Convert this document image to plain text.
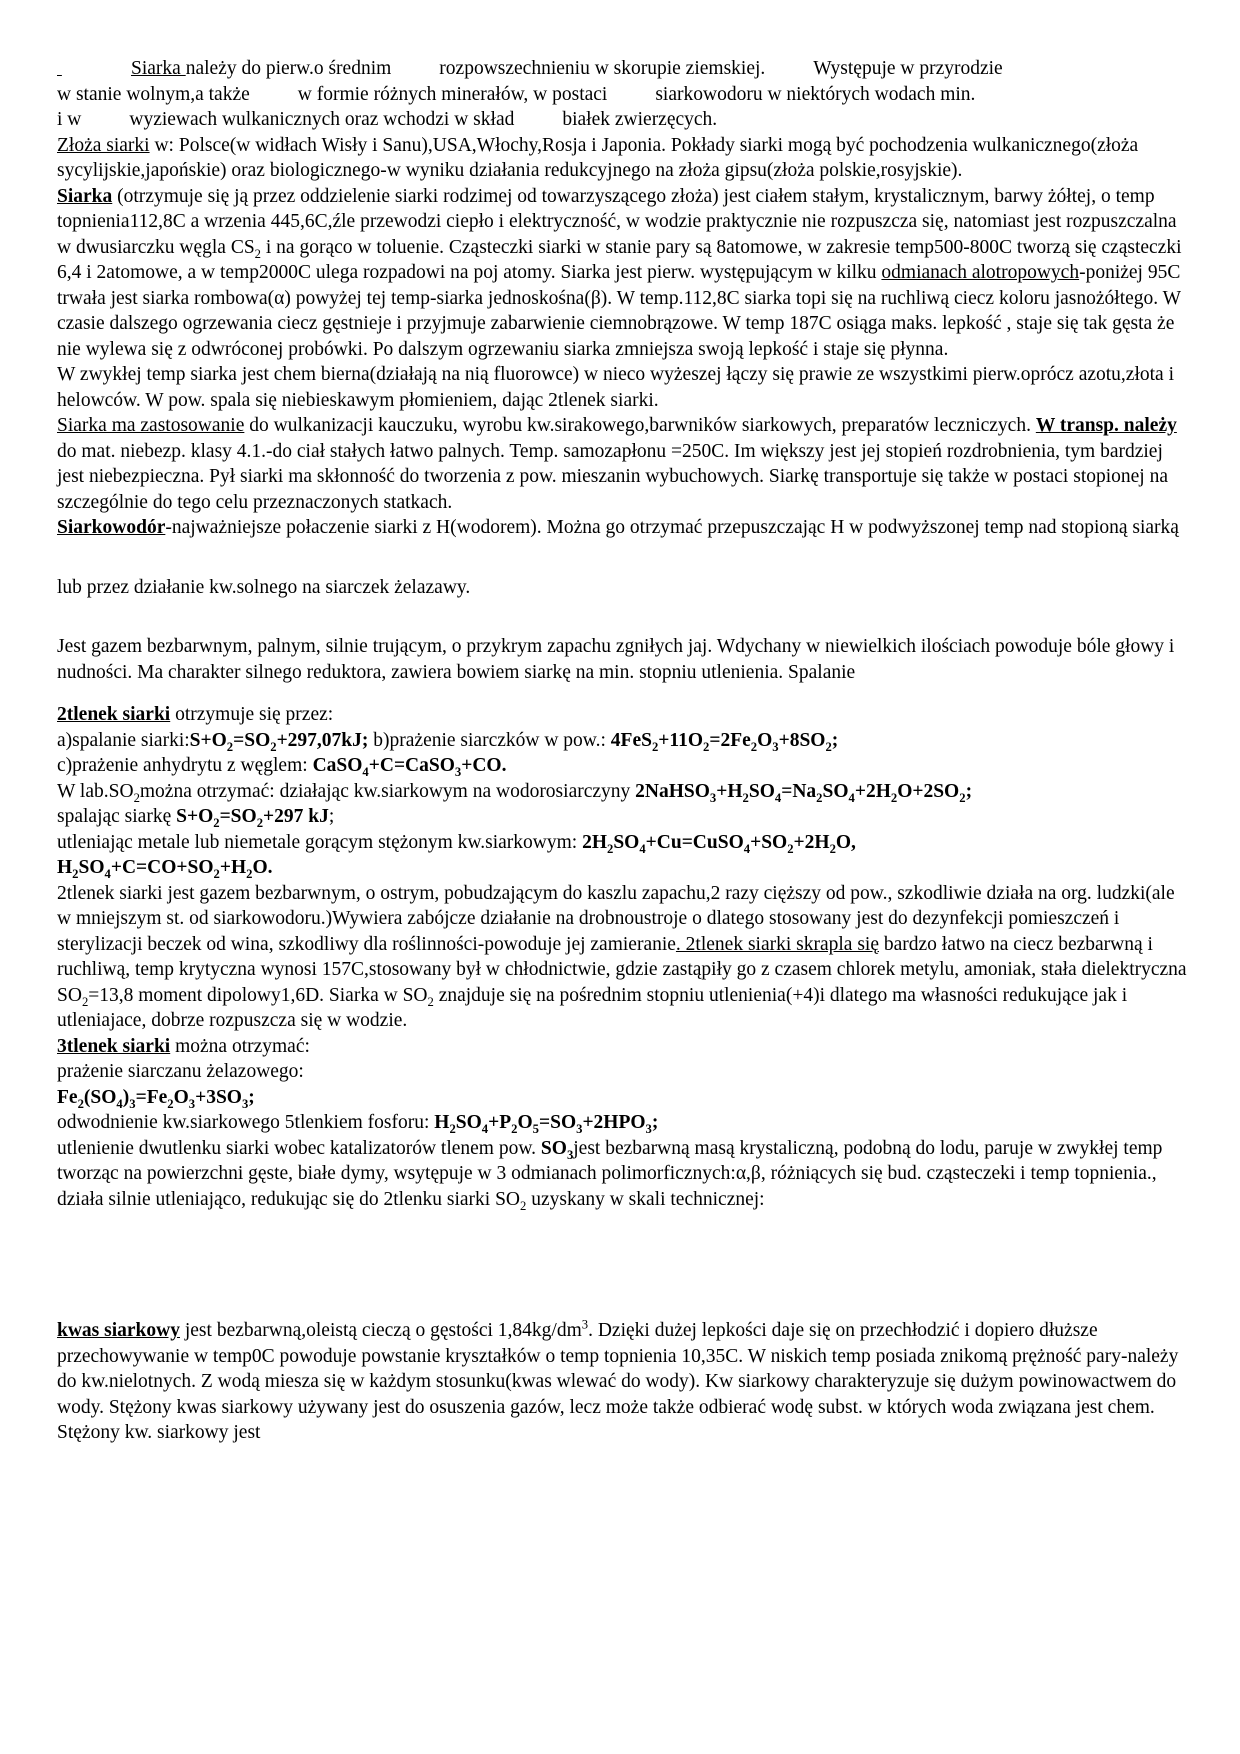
Siarka należy do pierw.o średnim rozpowszechnieniu w skorupie ziemskiej. Występuje w przyrodzie
w stanie wolnym,a także w formie różnych minerałów, w postaci siarkowodoru w niektórych wodach min.
i w wyziewach wulkanicznych oraz wchodzi w skład białek zwierzęcych.

Złoża siarki w: Polsce(w widłach Wisły i Sanu),USA,Włochy,Rosja i Japonia. Pokłady siarki mogą być pochodzenia wulkanicznego(złoża sycylijskie,japońskie) oraz biologicznego-w wyniku działania redukcyjnego na złoża gipsu(złoża polskie,rosyjskie).

Siarka (otrzymuje się ją przez oddzielenie siarki rodzimej od towarzyszącego złoża) jest ciałem stałym, krystalicznym, barwy żółtej, o temp topnienia112,8C a wrzenia 445,6C,źle przewodzi ciepło i elektryczność, w wodzie praktycznie nie rozpuszcza się, natomiast jest rozpuszczalna w dwusiarczku węgla $CS_2$ i na gorąco w toluenie. Cząsteczki siarki w stanie pary są 8atomowe, w zakresie temp500-800C tworzą się cząsteczki 6,4 i 2atomowe, a w temp2000C ulega rozpadowi na poj atomy. Siarka jest pierw. występującym w kilku odmianach alotropowych-poniżej 95C trwała jest siarka rombowa(α) powyżej tej temp-siarka jednoskośna(β). W temp.112,8C siarka topi się na ruchliwą ciecz koloru jasnożółtego. W czasie dalszego ogrzewania ciecz gęstnieje i przyjmuje zabarwienie ciemnobrązowe. W temp 187C osiąga maks. lepkość , staje się tak gęsta że nie wylewa się z odwróconej probówki. Po dalszym ogrzewaniu siarka zmniejsza swoją lepkość i staje się płynna.

W zwykłej temp siarka jest chem bierna(działają na nią fluorowce) w nieco wyżeszej łączy się prawie ze wszystkimi pierw.oprócz azotu,złota i helowców. W pow. spala się niebieskawym płomieniem, dając 2tlenek siarki.

Siarka ma zastosowanie do wulkanizacji kauczuku, wyrobu kw.sirakowego,barwników siarkowych, preparatów leczniczych. W transp. należy do mat. niebezp. klasy 4.1.-do ciał stałych łatwo palnych. Temp. samozapłonu =250C. Im większy jest jej stopień rozdrobnienia, tym bardziej jest niebezpieczna. Pył siarki ma skłonność do tworzenia z pow. mieszanin wybuchowych. Siarkę transportuje się także w postaci stopionej na szczególnie do tego celu przeznaczonych statkach.

Siarkowodór-najważniejsze połaczenie siarki z H(wodorem). Można go otrzymać przepuszczając H w podwyższonej temp nad stopioną siarką

lub przez działanie kw.solnego na siarczek żelazawy.

Jest gazem bezbarwnym, palnym, silnie trującym, o przykrym zapachu zgniłych jaj. Wdychany w niewielkich ilościach powoduje bóle głowy i nudności. Ma charakter silnego reduktora, zawiera bowiem siarkę na min. stopniu utlenienia. Spalanie

2tlenek siarki otrzymuje się przez:

a)spalanie $siarki:S+O_2=SO_2+297,07kJ$; b)prażenie siarczków w pow.: $4FeS_2+11O_2=2Fe_2O_3+8SO_2$;

c)prażenie anhydrytu z węglem: CaSO$_4$+C=CaSO$_3$+CO.

W $lab.SO_2można$ otrzymać: działając kw.siarkowym na wodorosiarczyny $2NaHSO_3+H_2SO_4=Na_2SO_4+2H_2O+2SO_2$;

spalając siarkę $S+O_2=SO_2+297$ kJ;

utleniając metale lub niemetale gorącym stężonym kw.siarkowym: $2H_2SO_4+Cu=CuSO_4+SO_2+2H_2O$,

$H_2SO_4+C=CO+SO_2+H_2O$.

2tlenek siarki jest gazem bezbarwnym, o ostrym, pobudzającym do kaszlu zapachu,2 razy cięższy od pow., szkodliwie działa na org. ludzki(ale w mniejszym st. od siarkowodoru.)Wywiera zabójcze działanie na drobnoustroje o dlatego stosowany jest do dezynfekcji pomieszczeń i sterylizacji beczek od wina, szkodliwy dla roślinności-powoduje jej zamieranie. 2tlenek siarki skrapla się bardzo łatwo na ciecz bezbarwną i ruchliwą, temp krytyczna wynosi 157C,stosowany był w chłodnictwie, gdzie zastąpiły go z czasem chlorek metylu, amoniak, stała dielektryczna $SO_2=13,8$ moment dipolowy1,6D. Siarka w $SO_2$ znajduje się na pośrednim stopniu utlenienia(+4)i dlatego ma własności redukujące jak i utleniajace, dobrze rozpuszcza się w wodzie.

3tlenek siarki można otrzymać:

prażenie siarczanu żelazowego:

$Fe_2(SO_4)_3=Fe_2O_3+3SO_3$;

odwodnienie kw.siarkowego 5tlenkiem fosforu: $H_2SO_4+P_2O_5=SO_3+2HPO_3$;

utlenienie dwutlenku siarki wobec katalizatorów tlenem pow. $SO_3jest$ bezbarwną masą krystaliczną, podobną do lodu, paruje w zwykłej temp tworząc na powierzchni gęste, białe dymy, wsytępuje w 3 odmianach polimorficznych:α,β, różniących się bud. cząsteczeki i temp topnienia., działa silnie utleniająco, redukując się do 2tlenku siarki $SO_2$ uzyskany w skali technicznej:

kwas siarkowy jest bezbarwną,oleistą cieczą o gęstości $1,84kg/dm^3$. Dzięki dużej lepkości daje się on przechłodzić i dopiero dłuższe przechowywanie w temp0C powoduje powstanie kryształków o temp topnienia 10,35C. W niskich temp posiada znikomą prężność pary-należy do kw.nielotnych. Z wodą miesza się w każdym stosunku(kwas wlewać do wody). Kw siarkowy charakteryzuje się dużym powinowactwem do wody. Stężony kwas siarkowy używany jest do osuszenia gazów, lecz może także odbierać wodę subst. w których woda związana jest chem. Stężony kw. siarkowy jest
